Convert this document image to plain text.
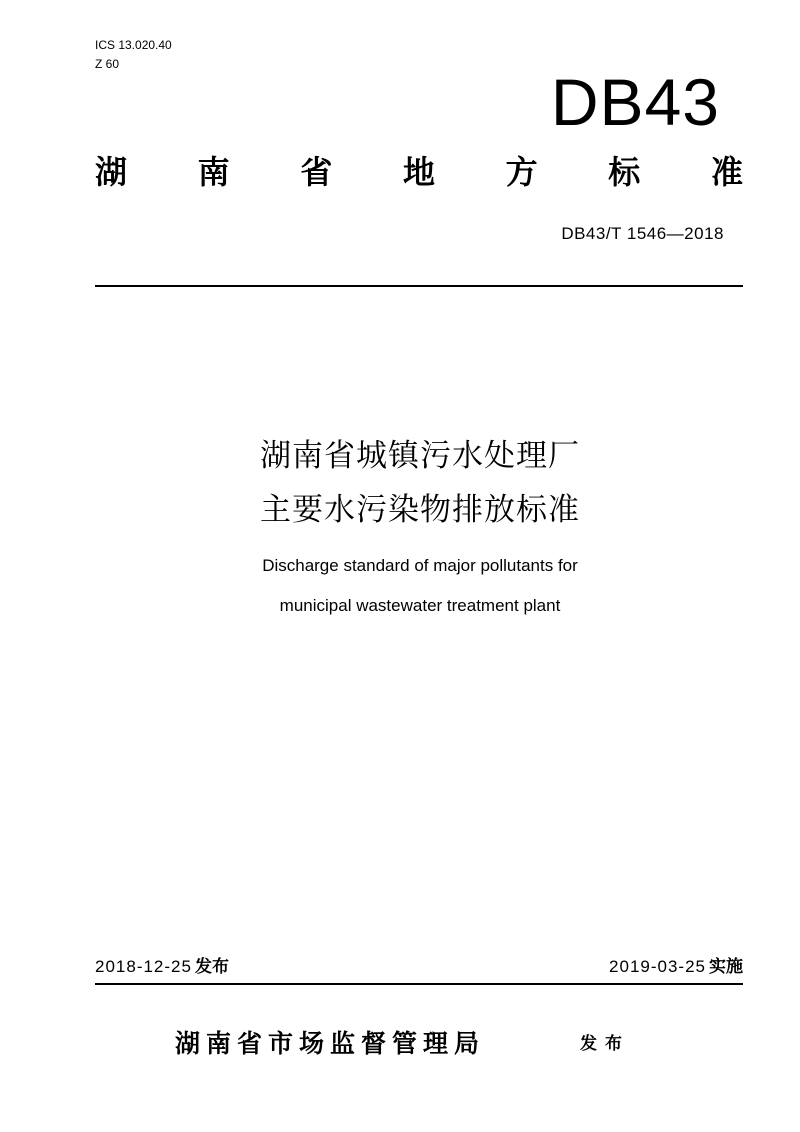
ICS 13.020.40
Z 60
DB43
湖 南 省 地 方 标 准
DB43/T 1546—2018
湖南省城镇污水处理厂
主要水污染物排放标准
Discharge standard of major pollutants for
municipal wastewater treatment plant
2018-12-25 发布	2019-03-25 实施
湖南省市场监督管理局	发布
